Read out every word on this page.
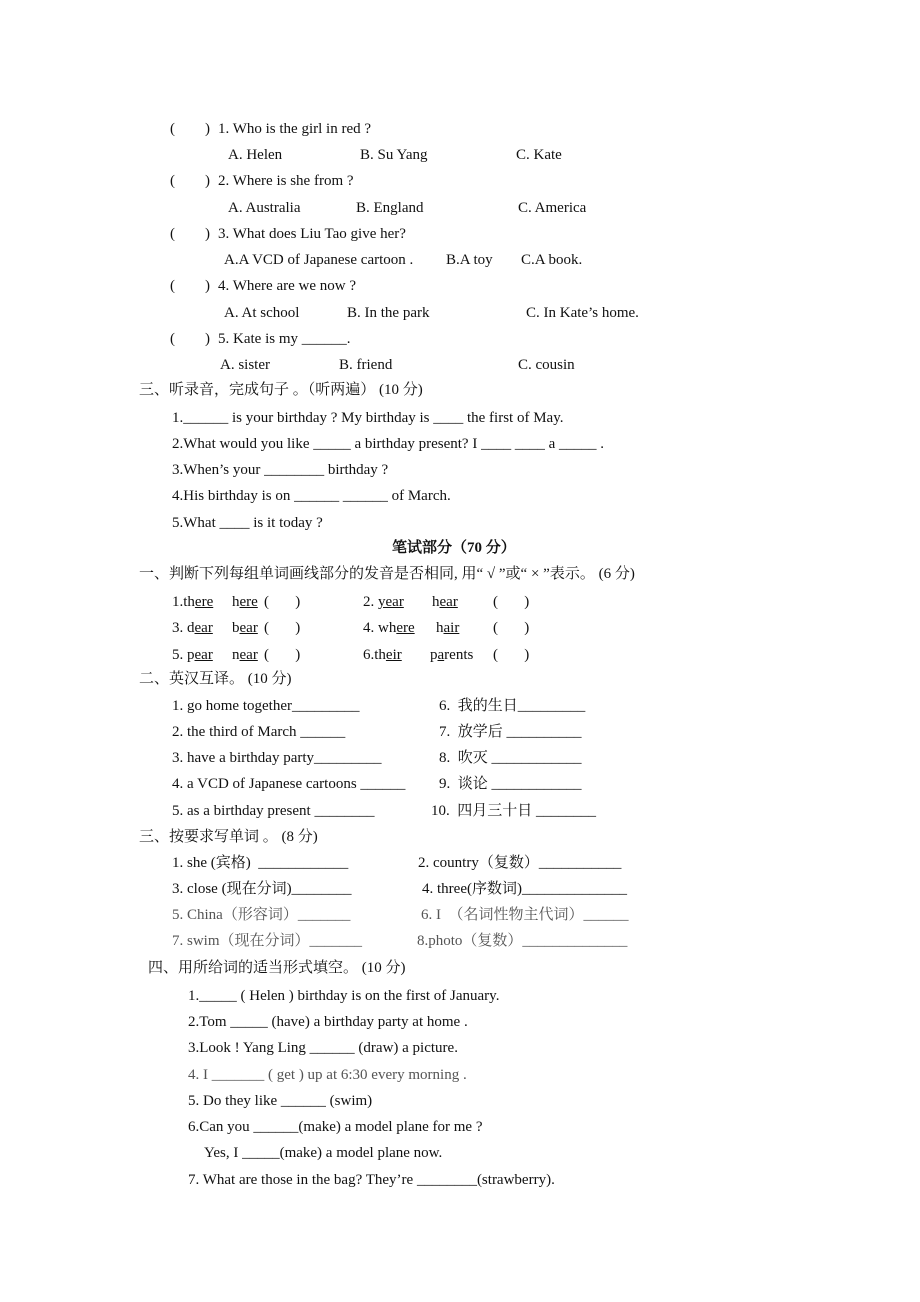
(        ) 1. Who is the girl in red ?
A. Helen	B. Su Yang	C. Kate
(        ) 2. Where is she from ?
A. Australia	B. England	C. America
(        ) 3. What does Liu Tao give her?
A.A VCD of Japanese cartoon . B.A toy C.A book.
(        ) 4. Where are we now ?
A. At school	B. In the park	C. In Kate’s home.
(        ) 5. Kate is my ______.
A. sister	B. friend	C. cousin
三、听录音，完成句子 。（听两遍） (10 分)
1.______ is your birthday ? My birthday is ____ the first of May.
2.What would you like _____ a birthday present? I ____ ____ a _____ .
3.When’s your ________ birthday ?
4.His birthday is on ______ ______ of March.
5.What ____ is it today ?
笔试部分（70 分）
一、判断下列每组单词画线部分的发音是否相同, 用“ √ ”或“ × ”表示。 (6 分)
1.there here (       )	2. year hear (       )
3. dear bear (       )	4. where hair (       )
5. pear near (       )	6.their parents (       )
二、英汉互译。 (10 分)
1. go home together_________	6.  我的生日_________
2. the third of March ______	7.  放学后 __________
3. have a birthday party_________	8.  吹灭 ____________
4. a VCD of Japanese cartoons ______ 9.  谈论 ____________
5. as a birthday present ________	10.  四月三十日 ________
三、按要求写单词 。 (8 分)
1. she (宾格)  ____________	2. country（复数）___________
3. close (现在分词)________	4. three(序数词)______________
5. China（形容词）_______	6. I  （名词性物主代词）______
7. swim（现在分词）_______	8.photo（复数）______________
四、用所给词的适当形式填空。 (10 分)
1._____ ( Helen ) birthday is on the first of January.
2.Tom _____ (have) a birthday party at home .
3.Look ! Yang Ling ______ (draw) a picture.
4. I _______ ( get ) up at 6:30 every morning .
5. Do they like ______ (swim)
6.Can you ______(make) a model plane for me ?
Yes, I _____(make) a model plane now.
7. What are those in the bag? They’re ________(strawberry).
